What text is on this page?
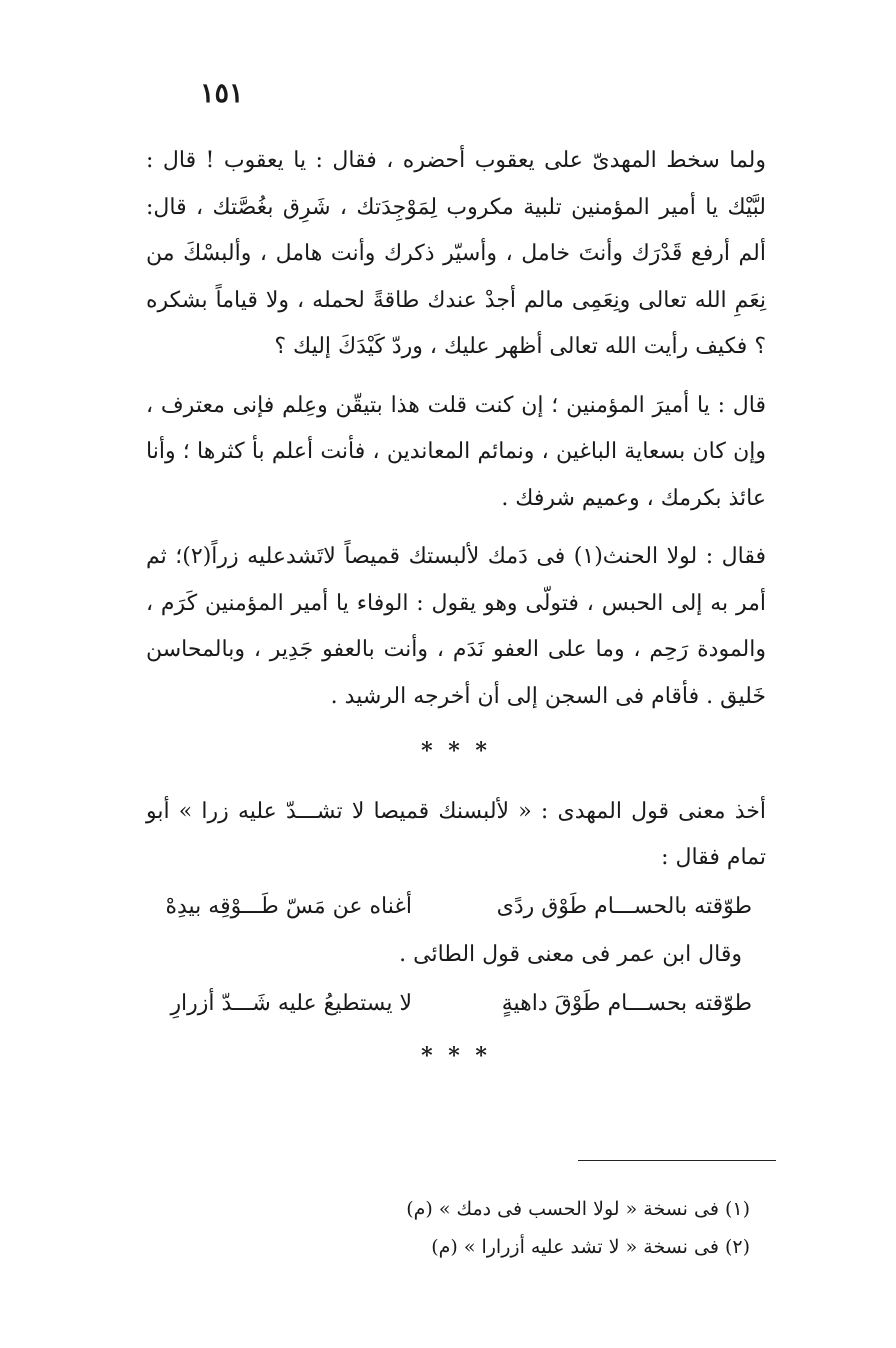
١٥١

ولما سخط المهدىّ على يعقوب أحضره ، فقال : يا يعقوب ! قال : لبَّيْك يا أمير المؤمنين تلبية مكروب لِمَوْجِدَتك ، شَرِق بغُصَّتك ، قال: ألم أرفع قَدْرَك وأنتَ خامل ، وأسيّر ذكرك وأنت هامل ، وألبسْكَ من نِعَمِ الله تعالى ونِعَمِى مالم أجدْ عندك طاقةً لحمله ، ولا قياماً بشكره ؟ فكيف رأيت الله تعالى أظهر عليك ، وردّ كَيْدَكَ إليك ؟

قال : يا أميرَ المؤمنين ؛ إن كنت قلت هذا بتيقّن وعِلم فإنى معترف ، وإن كان بسعاية الباغين ، ونمائم المعاندين ، فأنت أعلم بأ كثرها ؛ وأنا عائذ بكرمك ، وعميم شرفك .

فقال : لولا الحنث(١) فى دَمك لألبستك قميصاً لاتَشدعليه زراً(٢)؛ ثم أمر به إلى الحبس ، فتولّى وهو يقول : الوفاء يا أمير المؤمنين كَرَم ، والمودة رَحِم ، وما على العفو نَدَم ، وأنت بالعفو جَدِير ، وبالمحاسن خَليق . فأقام فى السجن إلى أن أخرجه الرشيد .

* * *

أخذ معنى قول المهدى : « لألبسنك قميصا لا تشـــدّ عليه زرا » أبو تمام فقال :

طوّقته بالحســـام طَوْق ردًى
أغناه عن مَسّ طَـــوْقِه بيدِهْ
وقال ابن عمر فى معنى قول الطائى .
طوّقته بحســـام طَوْقَ داهيةٍ
لا يستطيعُ عليه شَـــدّ أزرارِ
* * *
(١) فى نسخة « لولا الحسب فى دمك » (م)
(٢) فى نسخة « لا تشد عليه أزرارا » (م)
